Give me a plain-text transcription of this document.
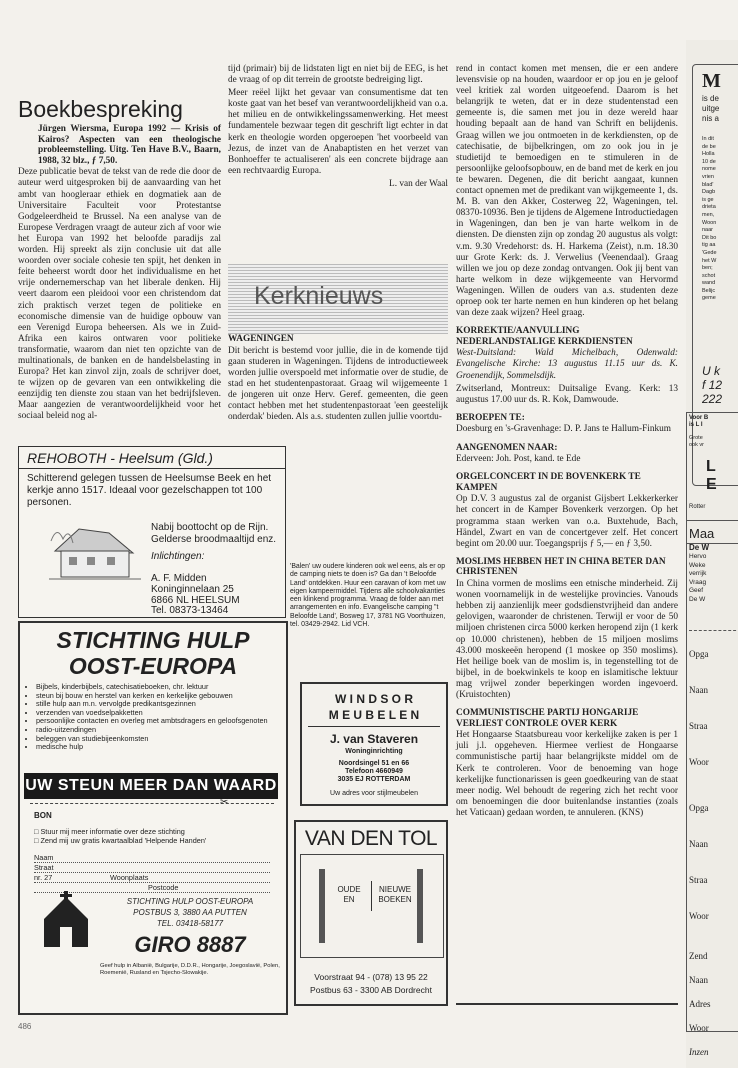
Boekbespreking
Jürgen Wiersma, Europa 1992 — Krisis of Kairos? Aspecten van een theologische probleemstelling. Uitg. Ten Have B.V., Baarn, 1988, 32 blz., ƒ 7,50.

Deze publicatie bevat de tekst van de rede die door de auteur werd uitgesproken bij de aanvaarding van het ambt van hoogleraar ethiek en dogmatiek aan de Universitaire Faculteit voor Protestantse Godgeleerdheid te Brussel. Na een analyse van de Europese Verdragen vraagt de auteur zich af voor wie het Europa van 1992 het beloofde paradijs zal worden. Hij spreekt als zijn conclusie uit dat alle woorden over sociale cohesie ten spijt, het denken in feite beheerst wordt door het individualisme en het vrije ondernemerschap van het liberale denken. Hij veert daarom een pleidooi voor een christendom dat zich praktisch verzet tegen de politieke en economische dimensie van de huidige opbouw van een Verenigd Europa beheersen. Als we in Zuid-Afrika een kairos ontwaren voor politieke transformatie, waarom dan niet ten opzichte van de multinationals, de banken en de handelsbelasting in Europa? Het kan zinvol zijn, zoals de schrijver doet, te wijzen op de gevaren van een ontwikkeling die eenzijdig ten dienste zou staan van het bedrijfsleven. Maar aangezien de verantwoordelijkheid voor het sociaal beleid nog al-

tijd (primair) bij de lidstaten ligt en niet bij de EEG, is het de vraag of op dit terrein de grootste bedreiging ligt.

Meer reëel lijkt het gevaar van consumentisme dat ten koste gaat van het besef van verantwoordelijkheid van o.a. het milieu en de ontwikkelingssamenwerking. Het meest fundamentele bezwaar tegen dit geschrift ligt echter in dat kerk en theologie worden opgeroepen 'het voorbeeld van Jezus, de inzet van de Anabaptisten en het verzet van Bonhoeffer te actualiseren' als een concrete bijdrage aan een rechtvaardig Europa.

L. van der Waal
Kerknieuws
WAGENINGEN

Dit bericht is bestemd voor jullie, die in de komende tijd gaan studeren in Wageningen. Tijdens de introductieweek worden jullie overspoeld met informatie over de studie, de stad en het studentenpastoraat. Graag wil wijgemeente 1 de jongeren uit onze Herv. Geref. gemeenten, die geen contact hebben met het studentenpastoraat 'een geestelijk onderdak' bieden. Als a.s. studenten zullen jullie voortdu-

rend in contact komen met mensen, die er een andere levensvisie op na houden, waardoor er op jou en je geloof veel kritiek zal worden uitgeoefend. Daarom is het belangrijk te weten, dat er in deze studentenstad een gemeente is, die samen met jou in deze wereld haar houding bepaalt aan de hand van Schrift en belijdenis. Graag willen we jou ontmoeten in de kerkdiensten, op de catechisatie, de bijbelkringen, om zo ook jou in je studietijd te bemoedigen en te stimuleren in de persoonlijke geloofsopbouw, en de band met de kerk en jou te bewaren. Degenen, die dit bericht aangaat, kunnen contact opnemen met de predikant van wijkgemeente 1, ds. M. B. van den Akker, Costerweg 22, Wageningen, tel. 08370-10936. Ben je tijdens de Algemene Introductiedagen in Wageningen, dan ben je van harte welkom in de diensten. De diensten zijn op zondag 20 augustus als volgt: v.m. 9.30 Vredehorst: ds. H. Harkema (Zeist), n.m. 18.30 uur Grote Kerk: ds. J. Verwelius (Veenendaal). Graag willen we jou op deze zondag ontvangen. Ook jij bent van harte welkom in deze wijkgemeente van Hervormd Wageningen. Willen de ouders van a.s. studenten deze oproep ook ter harte nemen en hun kinderen op het belang van deze zaak wijzen? Heel graag.

KORREKTIE/AANVULLING NEDERLANDSTALIGE KERKDIENSTEN

West-Duitsland: Wald Michelbach, Odenwald: Evangelische Kirche: 13 augustus 11.15 uur ds. K. Groenendijk, Sommelsdijk.

Zwitserland, Montreux: Duitsalige Evang. Kerk: 13 augustus 17.00 uur ds. R. Kok, Damwoude.

BEROEPEN TE:

Doesburg en 's-Gravenhage: D. P. Jans te Hallum-Finkum

AANGENOMEN NAAR:

Ederveen: Joh. Post, kand. te Ede

ORGELCONCERT IN DE BOVENKERK TE KAMPEN

Op D.V. 3 augustus zal de organist Gijsbert Lekkerkerker het concert in de Kamper Bovenkerk verzorgen. Op het programma staan werken van o.a. Buxtehude, Bach, Händel, Zwart en van de concertgever zelf. Het concert begint om 20.00 uur. Toegangsprijs ƒ 5,— en ƒ 3,50.

MOSLIMS HEBBEN HET IN CHINA BETER DAN CHRISTENEN

In China vormen de moslims een etnische minderheid. Zij wonen voornamelijk in de westelijke provincies. Vanouds hebben zij aanzienlijk meer godsdienstvrijheid dan andere gelovigen, waaronder de christenen. Terwijl er voor de 50 miljoen christenen circa 5000 kerken heropend zijn (1 kerk op 10.000 christenen), hebben de 15 miljoen moslims 43.000 moskeeën heropend (1 moskee op 350 moslims). Het heilige boek van de moslim is, in tegenstelling tot de bijbel, in de boekwinkels te koop en islamitische lektuur mag vrijwel zonder beperkingen worden ingevoerd. (Kruistochten)

COMMUNISTISCHE PARTIJ HONGARIJE VERLIEST CONTROLE OVER KERK

Het Hongaarse Staatsbureau voor kerkelijke zaken is per 1 juli j.l. opgeheven. Hiermee verliest de Hongaarse communistische partij haar belangrijkste middel om de Kerk te controleren. Voor de benoeming van hoge kerkelijke functionarissen is geen goedkeuring van de staat meer nodig. Wel behoudt de regering zich het recht voor om benoemingen die door buitenlandse instanties (zoals het Vaticaan) gedaan worden, te annuleren. (KNS)

REHOBOTH - Heelsum (Gld.)
Schitterend gelegen tussen de Heelsumse Beek en het kerkje anno 1517. Ideaal voor gezelschappen tot 100 personen.
Nabij boottocht op de Rijn.
Gelderse broodmaaltijd enz.
Inlichtingen:
A. F. Midden
Koninginnelaan 25
6866 NL HEELSUM
Tel. 08373-13464
STICHTING HULP
OOST-EUROPA
• Bijbels, kinderbijbels, catechisatieboeken, chr. lektuur
• steun bij bouw en herstel van kerken en kerkelijke gebouwen
• stille hulp aan m.n. vervolgde predikantsgezinnen
• verzenden van voedselpakketten
• persoonlijke contacten en overleg met ambtsdragers en geloofsgenoten
• radio-uitzendingen
• beleggen van studiebijeenkomsten
• medische hulp
UW STEUN MEER DAN WAARD
✂
BON
□ Stuur mij meer informatie over deze stichting
□ Zend mij uw gratis kwartaalblad 'Helpende Handen'
Naam
Straat
nr. 27	Woonplaats
Postcode
STICHTING HULP OOST-EUROPA
POSTBUS 3, 3880 AA PUTTEN
TEL. 03418-58177
GIRO 8887
Geef hulp in Albanië, Bulgarije, D.D.R., Hongarije, Joegoslavië, Polen, Roemenië, Rusland en Tsjecho-Slowakije.
'Balen' uw oudere kinderen ook wel eens, als er op de camping niets te doen is? Ga dan 't Beloofde Land' ontdekken. Huur een caravan of kom met uw eigen kampeermiddel. Tijdens alle schoolvakanties een klinkend programma. Vraag de folder aan met arrangementen en info. Evangelische camping "t Beloofde Land', Bosweg 17, 3781 NG Voorthuizen, tel. 03429-2942. Lid VCH.
W I N D S O R
M E U B E L E N
J. van Staveren
Woninginrichting
Noordsingel 51 en 66
Telefoon 4660949
3035 EJ ROTTERDAM
Uw adres voor stijlmeubelen
VAN DEN TOL
OUDE
EN
NIEUWE
BOEKEN
Voorstraat 94 - (078) 13 95 22
Postbus 63 - 3300 AB Dordrecht
486
M
is de
uitge
nis a
In dit
de be
Holla
10 de
nome
vrien
blad'
Dagb
is ge
drieta
men,
Woon
naar
Dit bo
tig aa
'Gede
het W
ben;
schot
wand
Belijc
geme
U k
f 12
222
Voor B
is L I
Grote
ook vr
L
E
Rotter
Maa
De W
Hervo
Weke
verrijk
Vraag
Geef
De W
Opga
Naan
Straa
Woor
Opga
Naan
Straa
Woor
Zend
Naan
Adres
Woor
Inzen
